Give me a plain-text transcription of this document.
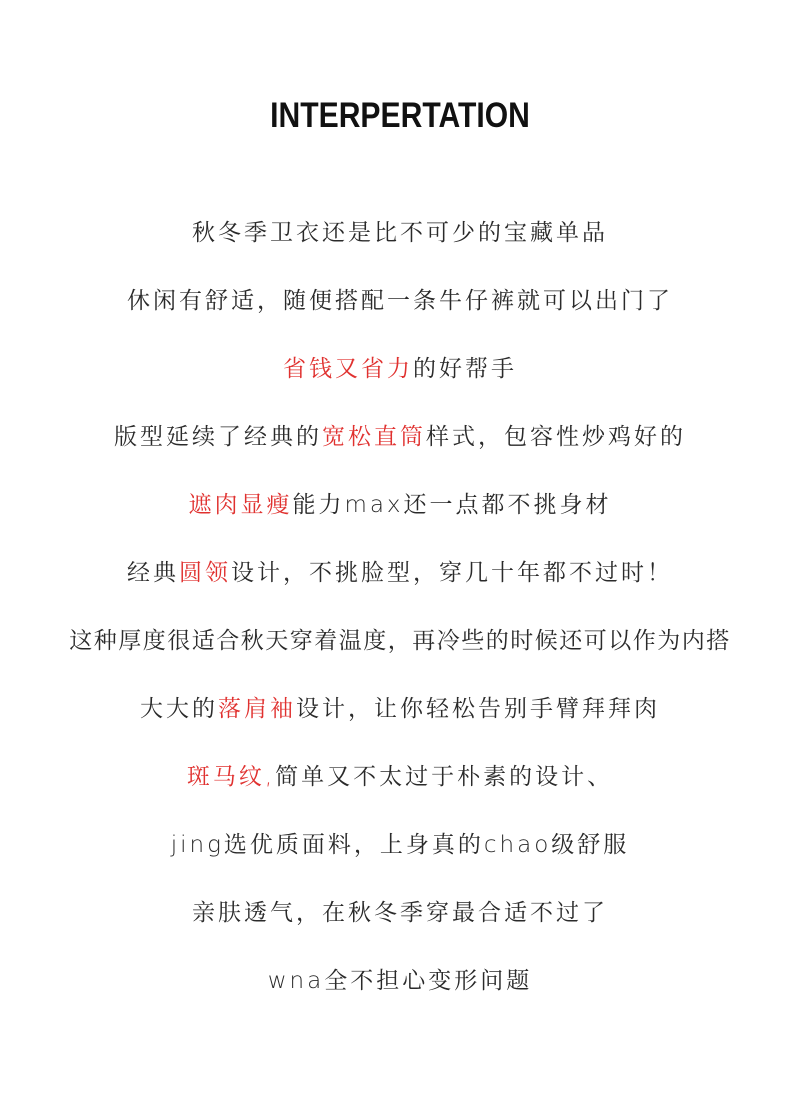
INTERPERTATION
秋冬季卫衣还是比不可少的宝藏单品
休闲有舒适，随便搭配一条牛仔裤就可以出门了
省钱又省力的好帮手
版型延续了经典的宽松直筒样式，包容性炒鸡好的
遮肉显瘦能力max还一点都不挑身材
经典圆领设计，不挑脸型，穿几十年都不过时！
这种厚度很适合秋天穿着温度，再冷些的时候还可以作为内搭
大大的落肩袖设计，让你轻松告别手臂拜拜肉
斑马纹,简单又不太过于朴素的设计、
jing选优质面料，上身真的chao级舒服
亲肤透气，在秋冬季穿最合适不过了
wna全不担心变形问题
